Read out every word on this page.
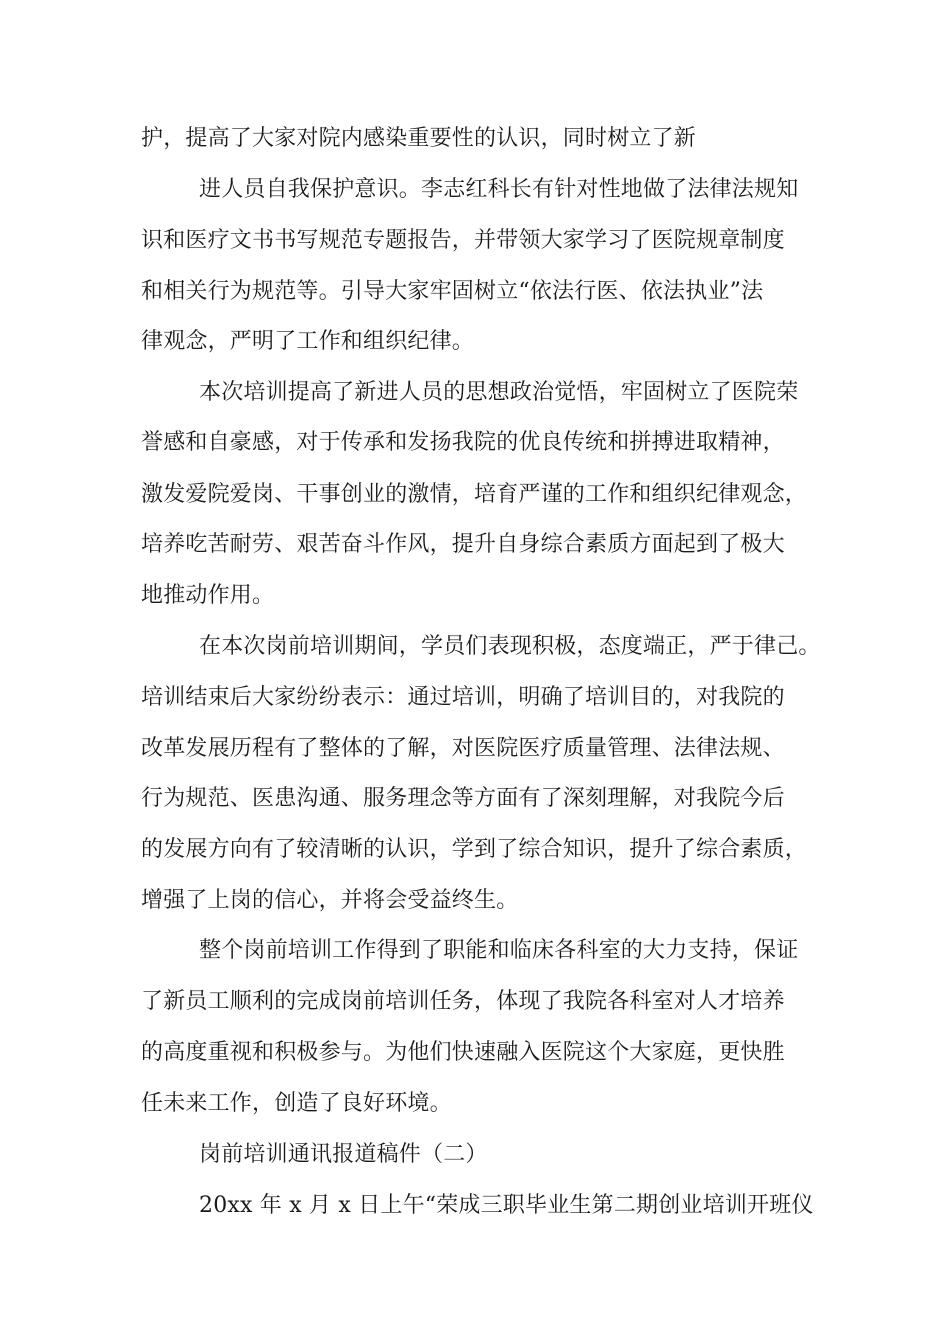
护，提高了大家对院内感染重要性的认识，同时树立了新

进人员自我保护意识。李志红科长有针对性地做了法律法规知

识和医疗文书书写规范专题报告，并带领大家学习了医院规章制度

和相关行为规范等。引导大家牢固树立“依法行医、依法执业”法

律观念，严明了工作和组织纪律。

本次培训提高了新进人员的思想政治觉悟，牢固树立了医院荣

誉感和自豪感，对于传承和发扬我院的优良传统和拼搏进取精神，

激发爱院爱岗、干事创业的激情，培育严谨的工作和组织纪律观念，

培养吃苦耐劳、艰苦奋斗作风，提升自身综合素质方面起到了极大

地推动作用。

在本次岗前培训期间，学员们表现积极，态度端正，严于律己。

培训结束后大家纷纷表示：通过培训，明确了培训目的，对我院的

改革发展历程有了整体的了解，对医院医疗质量管理、法律法规、

行为规范、医患沟通、服务理念等方面有了深刻理解，对我院今后

的发展方向有了较清晰的认识，学到了综合知识，提升了综合素质，

增强了上岗的信心，并将会受益终生。

整个岗前培训工作得到了职能和临床各科室的大力支持，保证

了新员工顺利的完成岗前培训任务，体现了我院各科室对人才培养

的高度重视和积极参与。为他们快速融入医院这个大家庭，更快胜

任未来工作，创造了良好环境。

岗前培训通讯报道稿件（二）

20xx 年 x 月 x 日上午“荣成三职毕业生第二期创业培训开班仪
